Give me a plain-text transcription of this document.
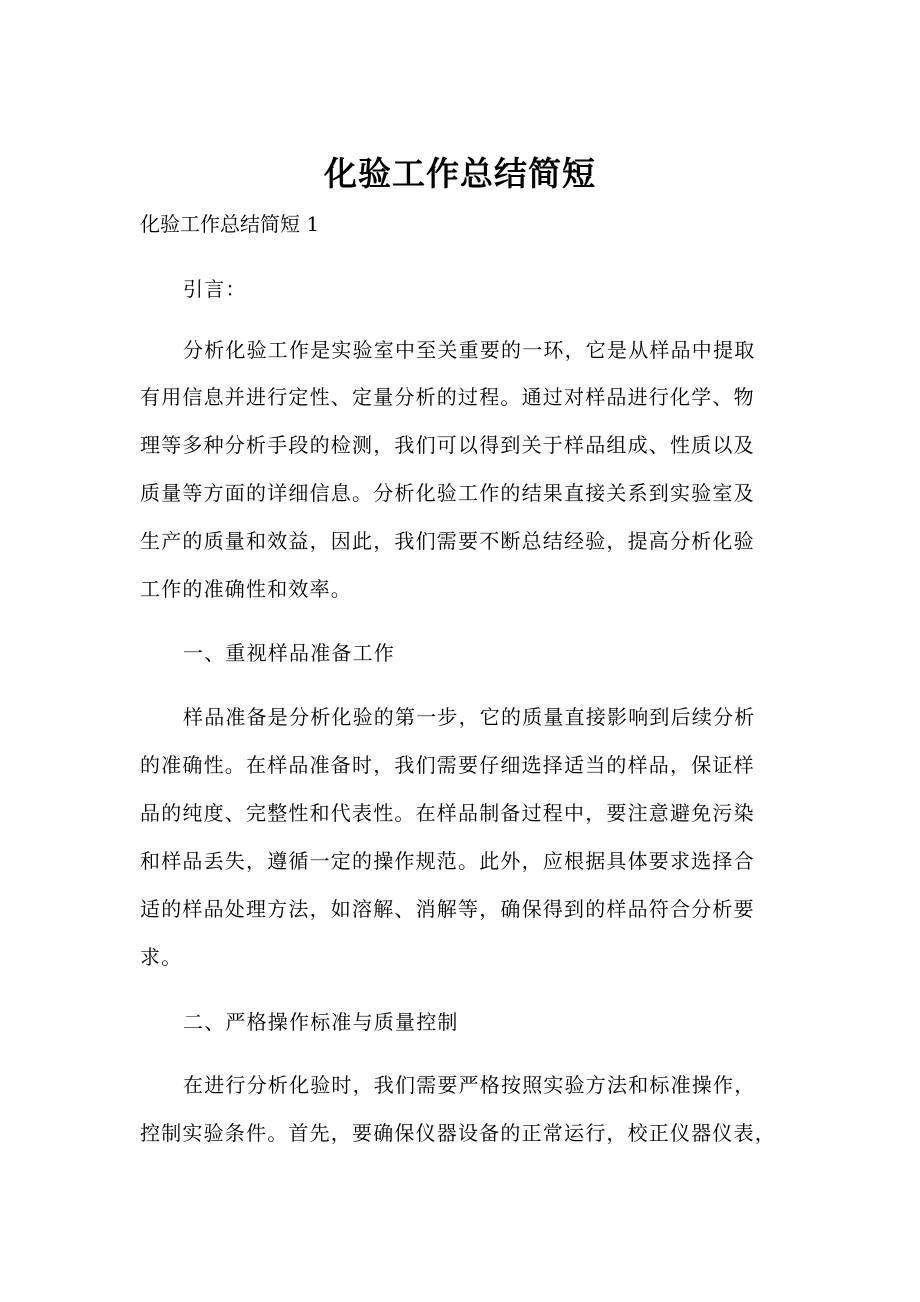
化验工作总结简短
化验工作总结简短 1
引言：
分析化验工作是实验室中至关重要的一环，它是从样品中提取
有用信息并进行定性、定量分析的过程。通过对样品进行化学、物
理等多种分析手段的检测，我们可以得到关于样品组成、性质以及
质量等方面的详细信息。分析化验工作的结果直接关系到实验室及
生产的质量和效益，因此，我们需要不断总结经验，提高分析化验
工作的准确性和效率。
一、重视样品准备工作
样品准备是分析化验的第一步，它的质量直接影响到后续分析
的准确性。在样品准备时，我们需要仔细选择适当的样品，保证样
品的纯度、完整性和代表性。在样品制备过程中，要注意避免污染
和样品丢失，遵循一定的操作规范。此外，应根据具体要求选择合
适的样品处理方法，如溶解、消解等，确保得到的样品符合分析要
求。
二、严格操作标准与质量控制
在进行分析化验时，我们需要严格按照实验方法和标准操作，
控制实验条件。首先，要确保仪器设备的正常运行，校正仪器仪表，
